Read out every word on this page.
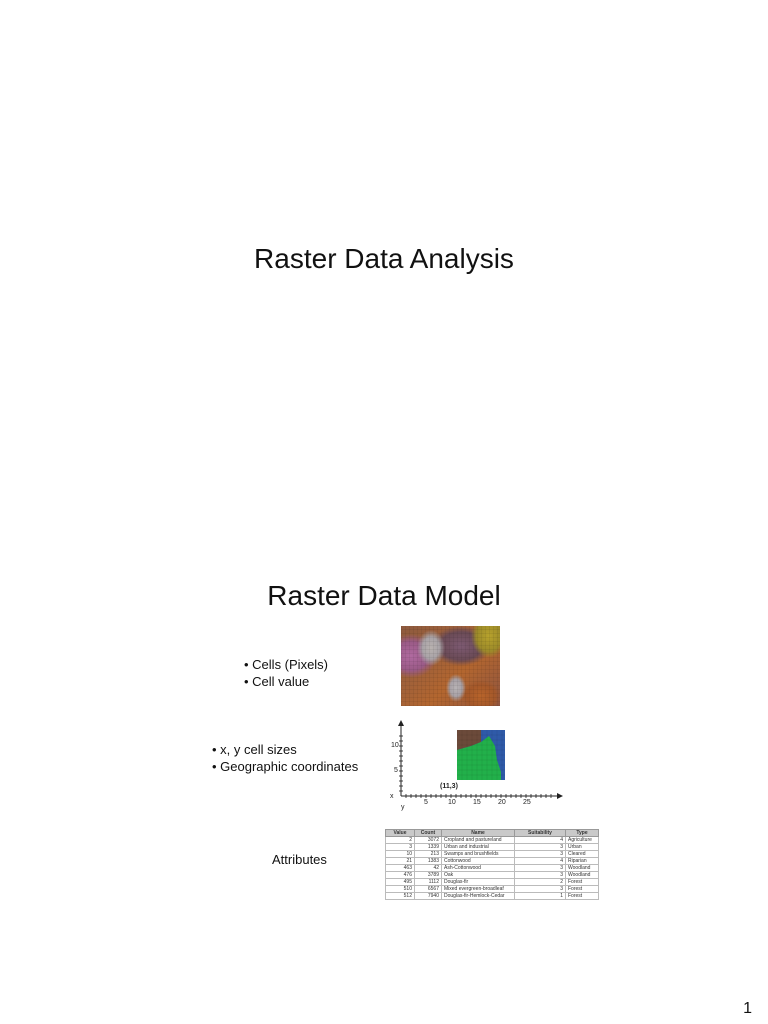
Raster Data Analysis
Raster Data Model
• Cells (Pixels)
• Cell value
• x, y cell sizes
• Geographic coordinates
10
5
5	10 15 20 25
(11,3)
x
y
Attributes
Value	Count	Name	Suitability	Type
2	3072	Cropland and pastureland	4	Agriculture
3	1339	Urban and industrial	3	Urban
10	213	Swamps and brushfields	3	Cleared
21	1383	Cottonwood	4	Riparian
463	42	Ash-Cottonwood	3	Woodland
476	3789	Oak	3	Woodland
495	1112	Douglas-fir	2	Forest
510	6567	Mixed evergreen-broadleaf	3	Forest
512	7940	Douglas-fir-Hemlock-Cedar	1	Forest
1
